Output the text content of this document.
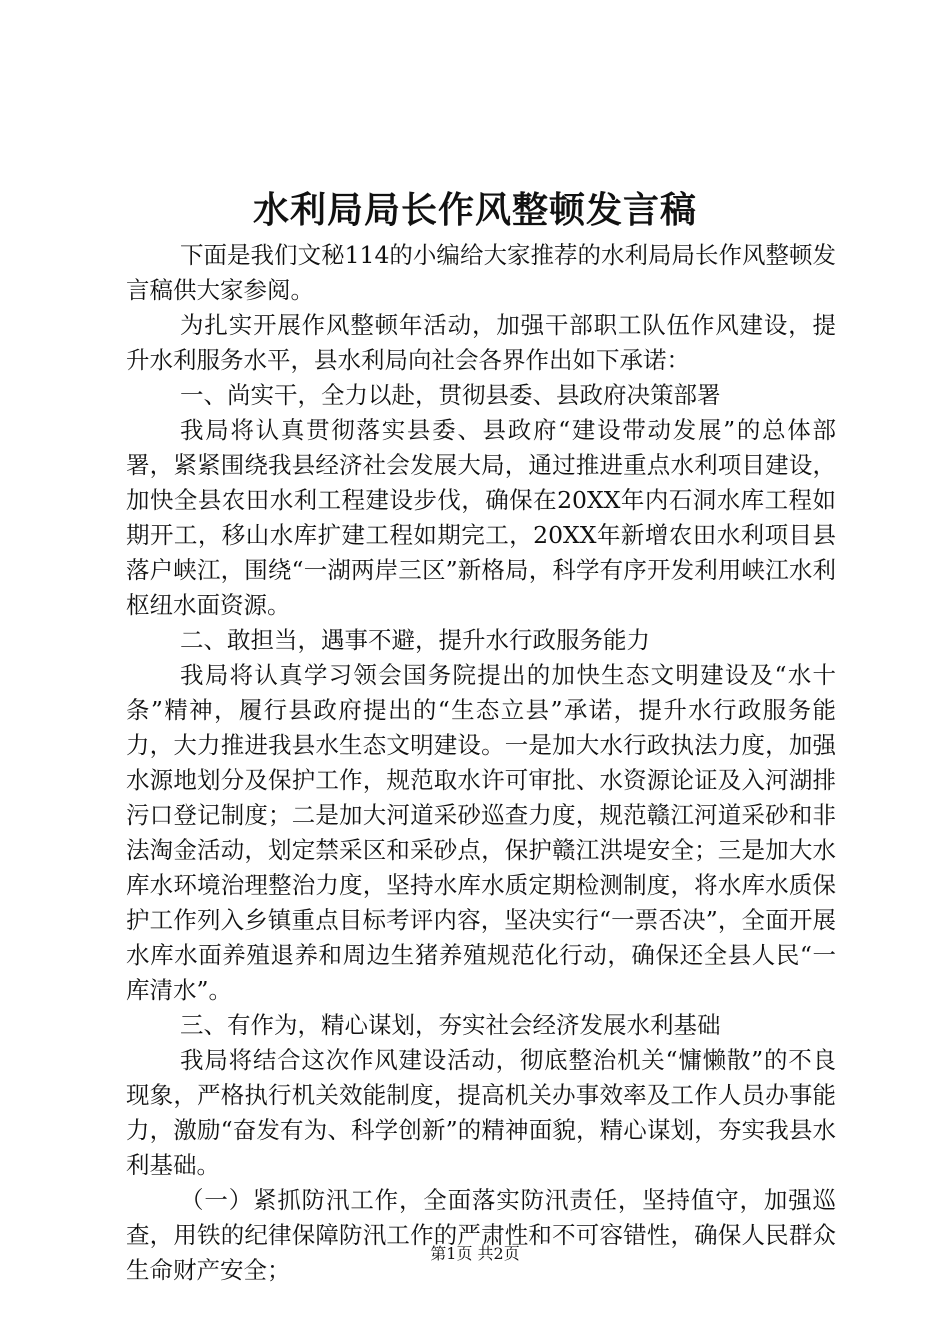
水利局局长作风整顿发言稿

下面是我们文秘114的小编给大家推荐的水利局局长作风整顿发言稿供大家参阅。

为扎实开展作风整顿年活动，加强干部职工队伍作风建设，提升水利服务水平，县水利局向社会各界作出如下承诺：

一、尚实干，全力以赴，贯彻县委、县政府决策部署

我局将认真贯彻落实县委、县政府“建设带动发展”的总体部署，紧紧围绕我县经济社会发展大局，通过推进重点水利项目建设，加快全县农田水利工程建设步伐，确保在20XX年内石洞水库工程如期开工，移山水库扩建工程如期完工，20XX年新增农田水利项目县落户峡江，围绕“一湖两岸三区”新格局，科学有序开发利用峡江水利枢纽水面资源。

二、敢担当，遇事不避，提升水行政服务能力

我局将认真学习领会国务院提出的加快生态文明建设及“水十条”精神，履行县政府提出的“生态立县”承诺，提升水行政服务能力，大力推进我县水生态文明建设。一是加大水行政执法力度，加强水源地划分及保护工作，规范取水许可审批、水资源论证及入河湖排污口登记制度；二是加大河道采砂巡查力度，规范赣江河道采砂和非法淘金活动，划定禁采区和采砂点，保护赣江洪堤安全；三是加大水库水环境治理整治力度，坚持水库水质定期检测制度，将水库水质保护工作列入乡镇重点目标考评内容，坚决实行“一票否决”，全面开展水库水面养殖退养和周边生猪养殖规范化行动，确保还全县人民“一库清水”。

三、有作为，精心谋划，夯实社会经济发展水利基础

我局将结合这次作风建设活动，彻底整治机关“慵懒散”的不良现象，严格执行机关效能制度，提高机关办事效率及工作人员办事能力，激励“奋发有为、科学创新”的精神面貌，精心谋划，夯实我县水利基础。

（一）紧抓防汛工作，全面落实防汛责任，坚持值守，加强巡查，用铁的纪律保障防汛工作的严肃性和不可容错性，确保人民群众生命财产安全；

第1页 共2页
